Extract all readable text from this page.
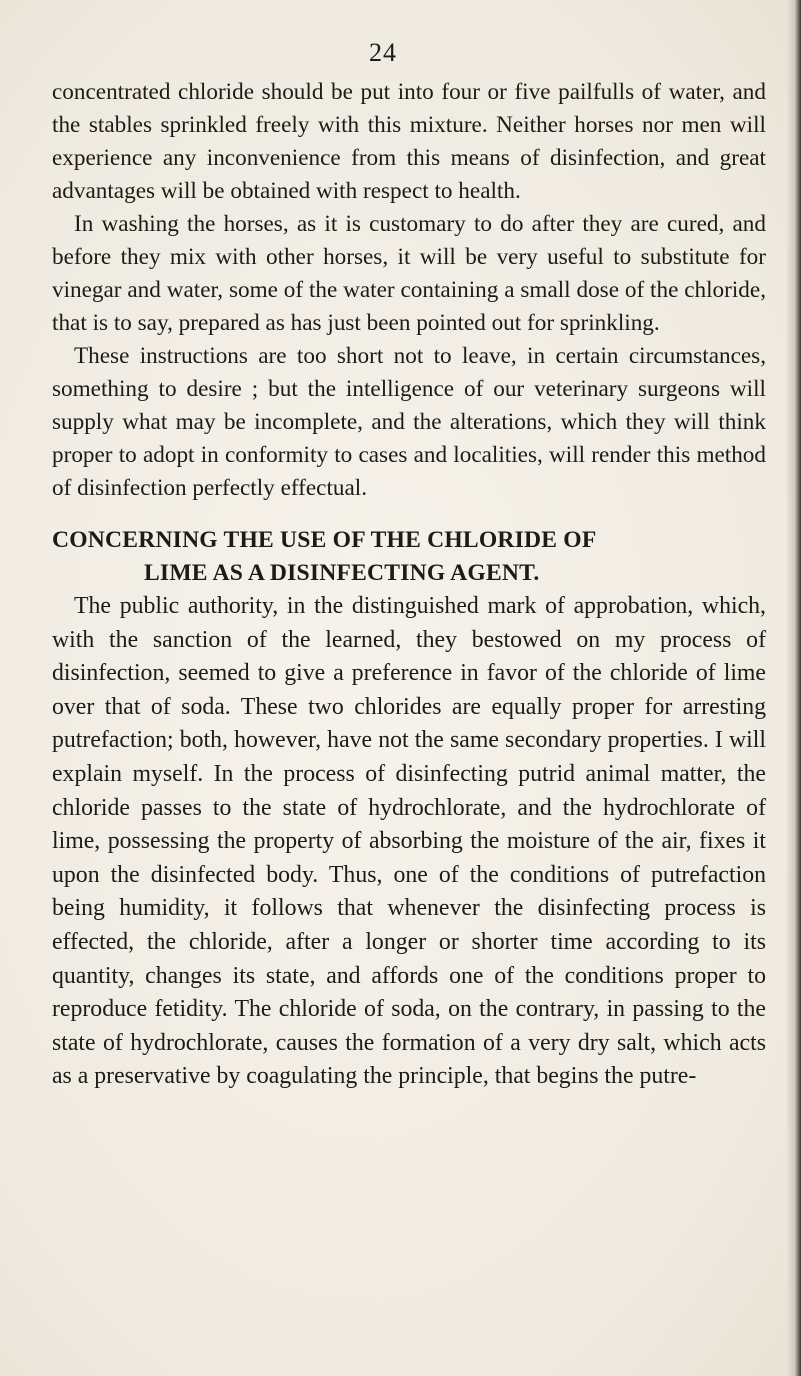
24

concentrated chloride should be put into four or five pailfulls of water, and the stables sprinkled freely with this mixture. Neither horses nor men will experience any inconvenience from this means of disinfection, and great advantages will be obtained with respect to health.

In washing the horses, as it is customary to do after they are cured, and before they mix with other horses, it will be very useful to substitute for vinegar and water, some of the water containing a small dose of the chloride, that is to say, prepared as has just been pointed out for sprinkling.

These instructions are too short not to leave, in certain circumstances, something to desire ; but the intelligence of our veterinary surgeons will supply what may be incomplete, and the alterations, which they will think proper to adopt in conformity to cases and localities, will render this method of disinfection perfectly effectual.

CONCERNING THE USE OF THE CHLORIDE OF
LIME AS A DISINFECTING AGENT.

The public authority, in the distinguished mark of approbation, which, with the sanction of the learned, they bestowed on my process of disinfection, seemed to give a preference in favor of the chloride of lime over that of soda. These two chlorides are equally proper for arresting putrefaction; both, however, have not the same secondary properties. I will explain myself. In the process of disinfecting putrid animal matter, the chloride passes to the state of hydrochlorate, and the hydrochlorate of lime, possessing the property of absorbing the moisture of the air, fixes it upon the disinfected body. Thus, one of the conditions of putrefaction being humidity, it follows that whenever the disinfecting process is effected, the chloride, after a longer or shorter time according to its quantity, changes its state, and affords one of the conditions proper to reproduce fetidity. The chloride of soda, on the contrary, in passing to the state of hydrochlorate, causes the formation of a very dry salt, which acts as a preservative by coagulating the principle, that begins the putre-
